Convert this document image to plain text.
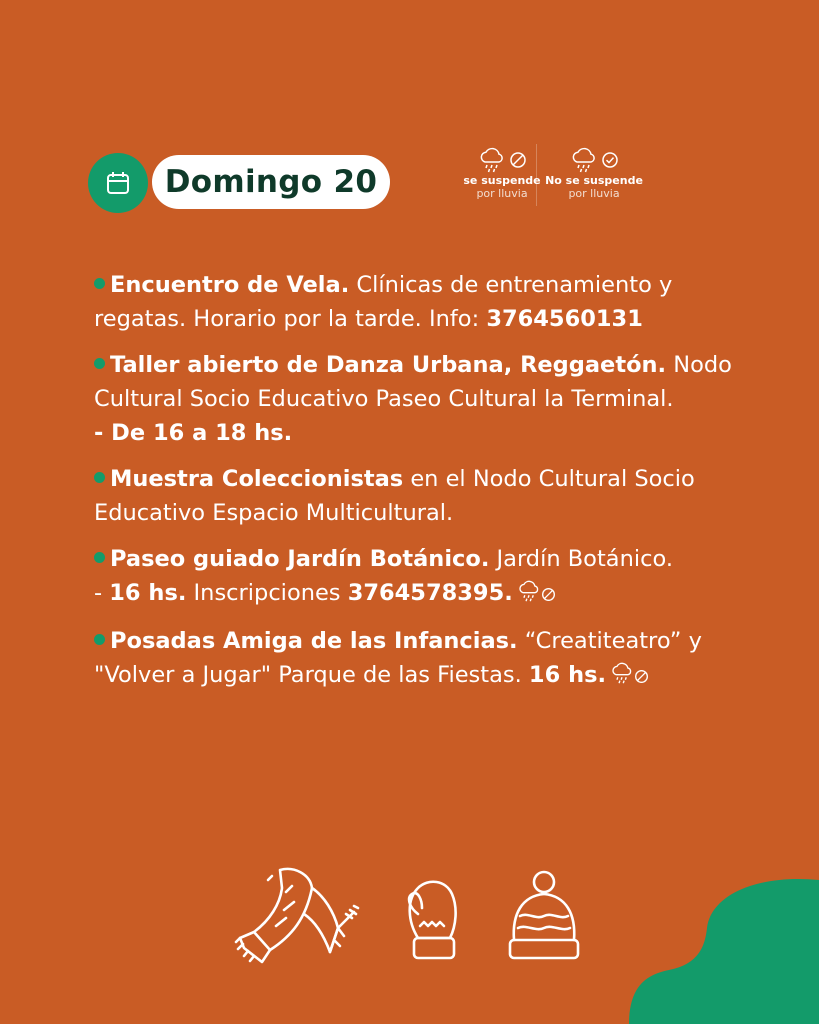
Domingo 20	se suspende
por lluvia
No se suspende
por lluvia
Encuentro de Vela. Clínicas de entrenamiento y regatas. Horario por la tarde. Info: 3764560131
Taller abierto de Danza Urbana, Reggaetón. Nodo Cultural Socio Educativo Paseo Cultural la Terminal.
- De 16 a 18 hs.
Muestra Coleccionistas en el Nodo Cultural Socio Educativo Espacio Multicultural.
Paseo guiado Jardín Botánico. Jardín Botánico.
- 16 hs. Inscripciones 3764578395.
Posadas Amiga de las Infancias. “Creatiteatro” y "Volver a Jugar" Parque de las Fiestas. 16 hs.
